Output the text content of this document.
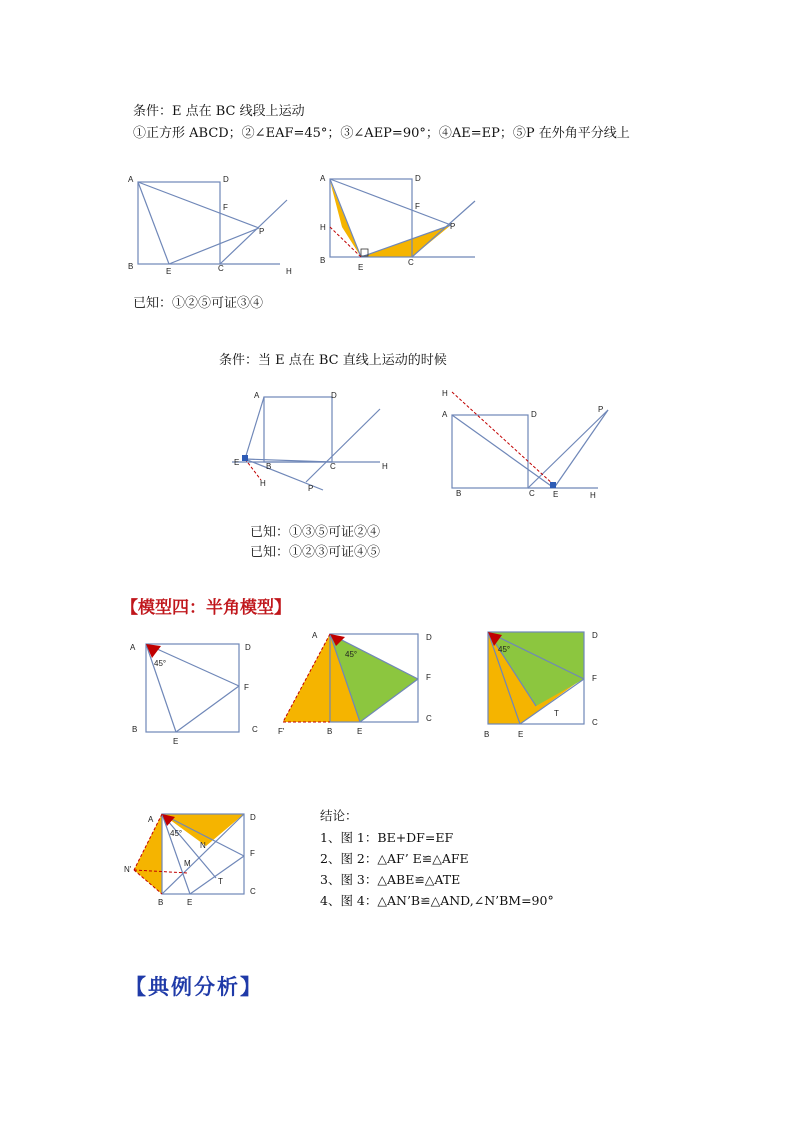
条件：E 点在 BC 线段上运动
①正方形 ABCD；②∠EAF=45°；③∠AEP=90°；④AE=EP；⑤P 在外角平分线上
A	D
F
P
B
E	C	H
A	D
F
P
H
B
E
C
已知：①②⑤可证③④
条件：当 E 点在 BC 直线上运动的时候
A	D
E	B	C	H
H
P
H
A	D
P
B	C E	H
已知：①③⑤可证②④
已知：①②③可证④⑤
【模型四：半角模型】
45°
A	D
F
B	C
E
45°
A	D
F
C
F'	B	E
45°
D
F
C
T
B	E
45°
A	D
F
C
N
M
T
N'
B	E
结论：
1、图 1：BE+DF=EF
2、图 2：△AF’ E≌△AFE
3、图 3：△ABE≌△ATE
4、图 4：△AN’B≌△AND,∠N’BM=90°
【典例分析】
